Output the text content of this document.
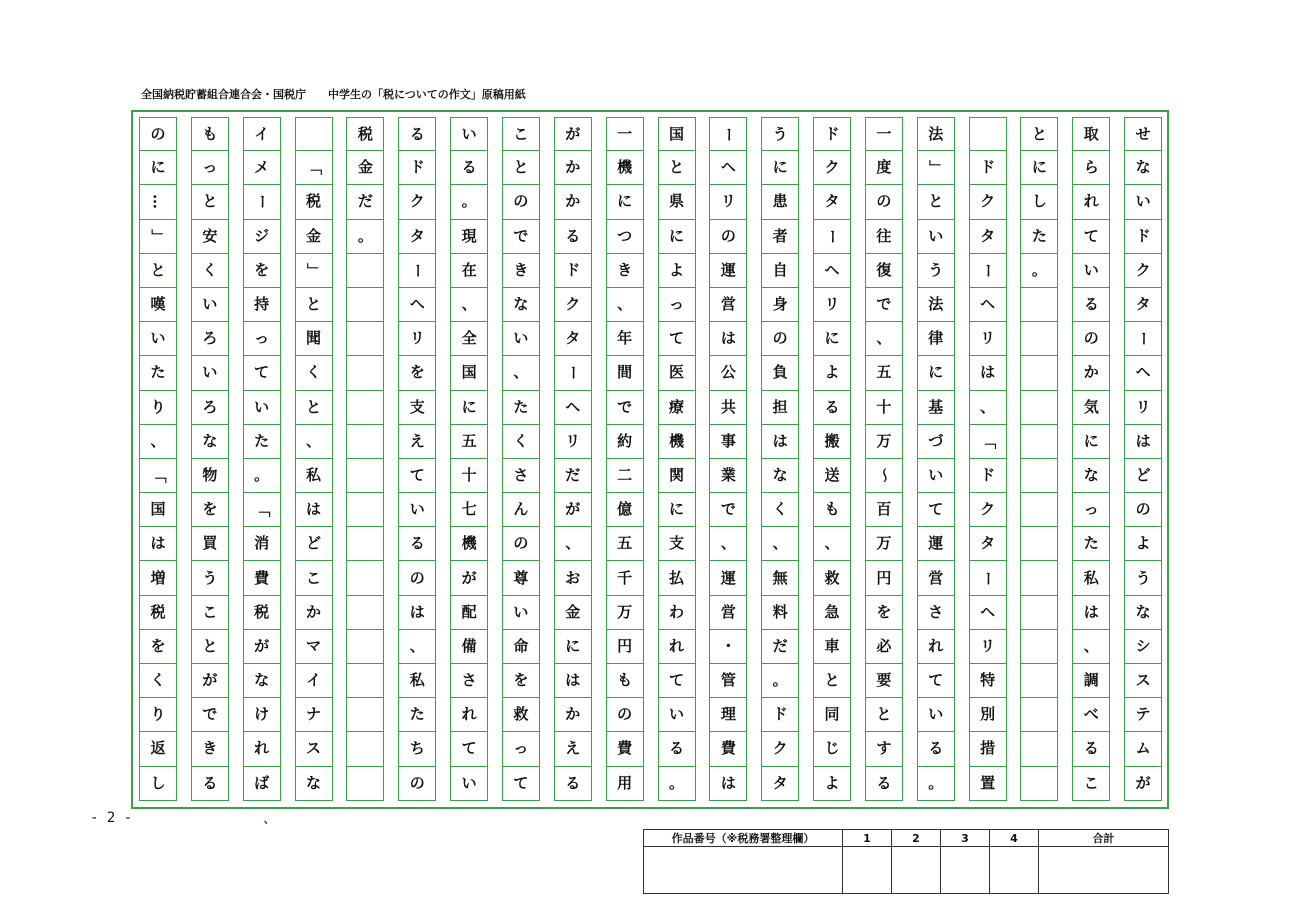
全国納税貯蓄組合連合会・国税庁　　 中学生の「税についての作文」原稿用紙
せ
な
い
ド
ク
タ
ー
ヘ
リ
は
ど
の
よ
う
な
シ
ス
テ
ム
が
取
ら
れ
て
い
る
の
か
気
に
な
っ
た
私
は
、
調
べ
る
こ
と
に
し
た
。

ド
ク
タ
ー
ヘ
リ
は
、
「
ド
ク
タ
ー
ヘ
リ
特
別
措
置
法
」
と
い
う
法
律
に
基
づ
い
て
運
営
さ
れ
て
い
る
。
一
度
の
往
復
で
、
五
十
万
〜
百
万
円
を
必
要
と
す
る
ド
ク
タ
ー
ヘ
リ
に
よ
る
搬
送
も
、
救
急
車
と
同
じ
よ
う
に
患
者
自
身
の
負
担
は
な
く
、
無
料
だ
。
ド
ク
タ
ー
ヘ
リ
の
運
営
は
公
共
事
業
で
、
運
営
・
管
理
費
は
国
と
県
に
よ
っ
て
医
療
機
関
に
支
払
わ
れ
て
い
る
。
一
機
に
つ
き
、
年
間
で
約
二
億
五
千
万
円
も
の
費
用
が
か
か
る
ド
ク
タ
ー
ヘ
リ
だ
が
、
お
金
に
は
か
え
る
こ
と
の
で
き
な
い
、
た
く
さ
ん
の
尊
い
命
を
救
っ
て
い
る
。
現
在
、
全
国
に
五
十
七
機
が
配
備
さ
れ
て
い
る
ド
ク
タ
ー
ヘ
リ
を
支
え
て
い
る
の
は
、
私
た
ち
の
税
金
だ
。

「
税
金
」
と
聞
く
と
、
私
は
ど
こ
か
マ
イ
ナ
ス
な
イ
メ
ー
ジ
を
持
っ
て
い
た
。
「
消
費
税
が
な
け
れ
ば
も
っ
と
安
く
い
ろ
い
ろ
な
物
を
買
う
こ
と
が
で
き
る
の
に
…
」
と
嘆
い
た
り
、
「
国
は
増
税
を
く
り
返
し
- 2 -	、
作品番号（※税務署整理欄）	1	2	3	4	合計
